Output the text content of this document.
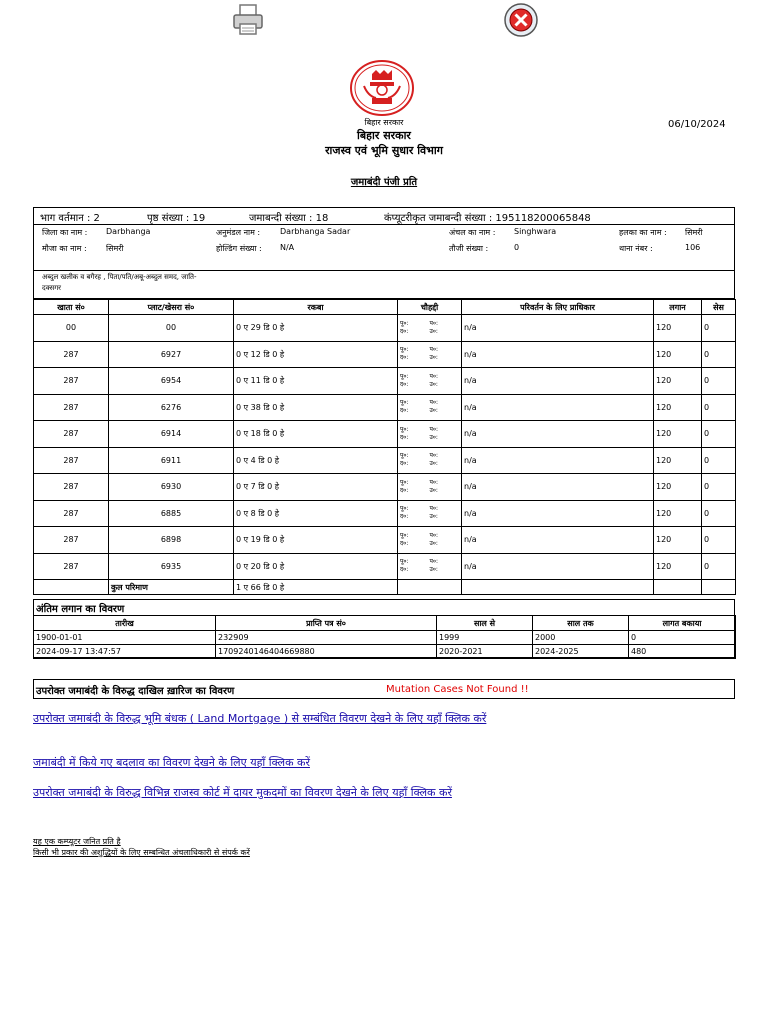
बिहार सरकार
बिहार सरकार
राजस्व एवं भूमि सुधार विभाग
06/10/2024
जमाबंदी पंजी प्रति
भाग वर्तमान : 2	पृष्ठ संख्या : 19	जमाबन्दी संख्या : 18	कंप्यूटरीकृत जमाबन्दी संख्या : 195118200065848
जिला का नाम : Darbhanga	अनुमंडल नाम : Darbhanga Sadar	अंचल का नाम : Singhwara	हलका का नाम : सिमरी
मौजा का नाम : सिमरी	होल्डिंग संख्या : N/A	तौजी संख्या :	0	थाना नंबर :	106
अब्दुल खलीक व बगैरह , पिता/पति/अबू-अब्दुल समद, जाति-
दक्सगर
खाता सं०	प्लाट/खेसरा सं०	रकबा	चौहद्दी	परिवर्तन के लिए प्राधिकार	लगान	सेस
00	00	0 ए 29 डि 0 हे	पू०: प०:
द०: उ०:	n/a	120	0
287	6927	0 ए 12 डि 0 हे	पू०: प०:
द०: उ०:	n/a	120	0
287	6954	0 ए 11 डि 0 हे	पू०: प०:
द०: उ०:	n/a	120	0
287	6276	0 ए 38 डि 0 हे	पू०: प०:
द०: उ०:	n/a	120	0
287	6914	0 ए 18 डि 0 हे	पू०: प०:
द०: उ०:	n/a	120	0
287	6911	0 ए 4 डि 0 हे	पू०: प०:
द०: उ०:	n/a	120	0
287	6930	0 ए 7 डि 0 हे	पू०: प०:
द०: उ०:	n/a	120	0
287	6885	0 ए 8 डि 0 हे	पू०: प०:
द०: उ०:	n/a	120	0
287	6898	0 ए 19 डि 0 हे	पू०: प०:
द०: उ०:	n/a	120	0
287	6935	0 ए 20 डि 0 हे	पू०: प०:
द०: उ०:	n/a	120	0
	कुल परिमाण	1 ए 66 डि 0 हे				
अंतिम लगान का विवरण
तारीख	प्राप्ति पत्र सं०	साल से	साल तक	लागत बकाया
1900-01-01	232909	1999	2000	0
2024-09-17 13:47:57	1709240146404669880	2020-2021	2024-2025	480
उपरोक्त जमाबंदी के विरुद्ध दाखिल ख़ारिज का विवरण	Mutation Cases Not Found !!
उपरोक्त जमाबंदी के विरुद्ध भूमि बंधक ( Land Mortgage ) से सम्बंधित विवरण देखने के लिए यहाँ क्लिक करें
जमाबंदी में किये गए बदलाव का विवरण देखने के लिए यहाँ क्लिक करें
उपरोक्त जमाबंदी के विरुद्ध विभिन्न राजस्व कोर्ट में दायर मुकदमों का विवरण देखने के लिए यहाँ क्लिक करें
यह एक कम्प्यूटर जनित प्रति है
किसी भी प्रकार की अशुद्धियों के लिए सम्बन्धित अंचलाधिकारी से संपर्क करें
